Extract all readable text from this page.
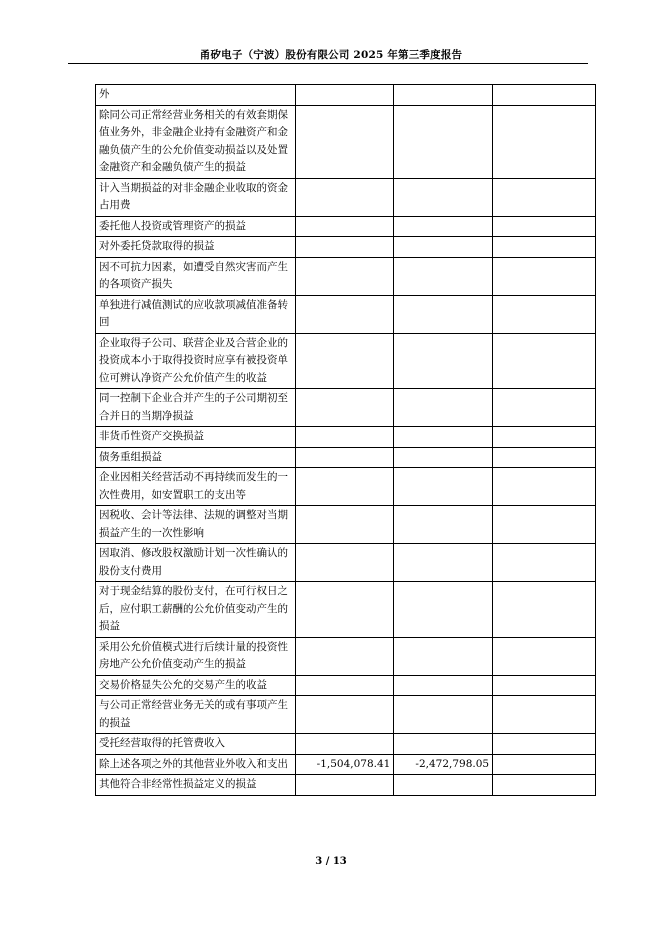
甬矽电子（宁波）股份有限公司 2025 年第三季度报告
外			
除同公司正常经营业务相关的有效套期保值业务外，非金融企业持有金融资产和金融负债产生的公允价值变动损益以及处置金融资产和金融负债产生的损益			
计入当期损益的对非金融企业收取的资金占用费			
委托他人投资或管理资产的损益			
对外委托贷款取得的损益			
因不可抗力因素，如遭受自然灾害而产生的各项资产损失			
单独进行减值测试的应收款项减值准备转回			
企业取得子公司、联营企业及合营企业的投资成本小于取得投资时应享有被投资单位可辨认净资产公允价值产生的收益			
同一控制下企业合并产生的子公司期初至合并日的当期净损益			
非货币性资产交换损益			
债务重组损益			
企业因相关经营活动不再持续而发生的一次性费用，如安置职工的支出等			
因税收、会计等法律、法规的调整对当期损益产生的一次性影响			
因取消、修改股权激励计划一次性确认的股份支付费用			
对于现金结算的股份支付，在可行权日之后，应付职工薪酬的公允价值变动产生的损益			
采用公允价值模式进行后续计量的投资性房地产公允价值变动产生的损益			
交易价格显失公允的交易产生的收益			
与公司正常经营业务无关的或有事项产生的损益			
受托经营取得的托管费收入			
除上述各项之外的其他营业外收入和支出	-1,504,078.41	-2,472,798.05	
其他符合非经常性损益定义的损益			
3 / 13
